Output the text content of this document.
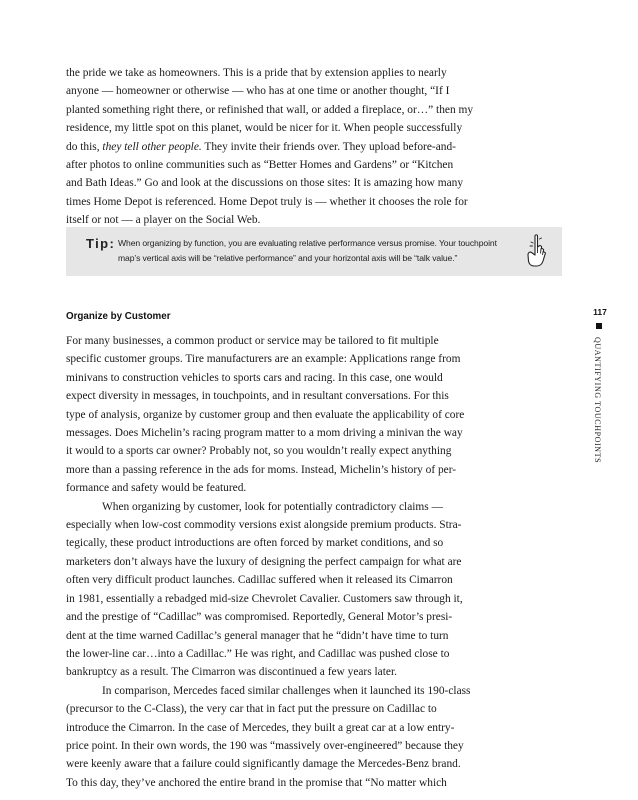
the pride we take as homeowners. This is a pride that by extension applies to nearly
anyone — homeowner or otherwise — who has at one time or another thought, “If I
planted something right there, or refinished that wall, or added a fireplace, or…” then my
residence, my little spot on this planet, would be nicer for it. When people successfully
do this, they tell other people. They invite their friends over. They upload before-and-
after photos to online communities such as “Better Homes and Gardens” or “Kitchen
and Bath Ideas.” Go and look at the discussions on those sites: It is amazing how many
times Home Depot is referenced. Home Depot truly is — whether it chooses the role for
itself or not — a player on the Social Web.

Tip: When organizing by function, you are evaluating relative performance versus promise. Your touchpoint
map’s vertical axis will be “relative performance” and your horizontal axis will be “talk value.”
Organize by Customer

For many businesses, a common product or service may be tailored to fit multiple
specific customer groups. Tire manufacturers are an example: Applications range from
minivans to construction vehicles to sports cars and racing. In this case, one would
expect diversity in messages, in touchpoints, and in resultant conversations. For this
type of analysis, organize by customer group and then evaluate the applicability of core
messages. Does Michelin’s racing program matter to a mom driving a minivan the way
it would to a sports car owner? Probably not, so you wouldn’t really expect anything
more than a passing reference in the ads for moms. Instead, Michelin’s history of per-
formance and safety would be featured.
When organizing by customer, look for potentially contradictory claims —
especially when low-cost commodity versions exist alongside premium products. Stra-
tegically, these product introductions are often forced by market conditions, and so
marketers don’t always have the luxury of designing the perfect campaign for what are
often very difficult product launches. Cadillac suffered when it released its Cimarron
in 1981, essentially a rebadged mid-size Chevrolet Cavalier. Customers saw through it,
and the prestige of “Cadillac” was compromised. Reportedly, General Motor’s presi-
dent at the time warned Cadillac’s general manager that he “didn’t have time to turn
the lower-line car…into a Cadillac.” He was right, and Cadillac was pushed close to
bankruptcy as a result. The Cimarron was discontinued a few years later.
In comparison, Mercedes faced similar challenges when it launched its 190-class
(precursor to the C-Class), the very car that in fact put the pressure on Cadillac to
introduce the Cimarron. In the case of Mercedes, they built a great car at a low entry-
price point. In their own words, the 190 was “massively over-engineered” because they
were keenly aware that a failure could significantly damage the Mercedes-Benz brand.
To this day, they’ve anchored the entire brand in the promise that “No matter which

117
QUANTIFYING TOUCHPOINTS
